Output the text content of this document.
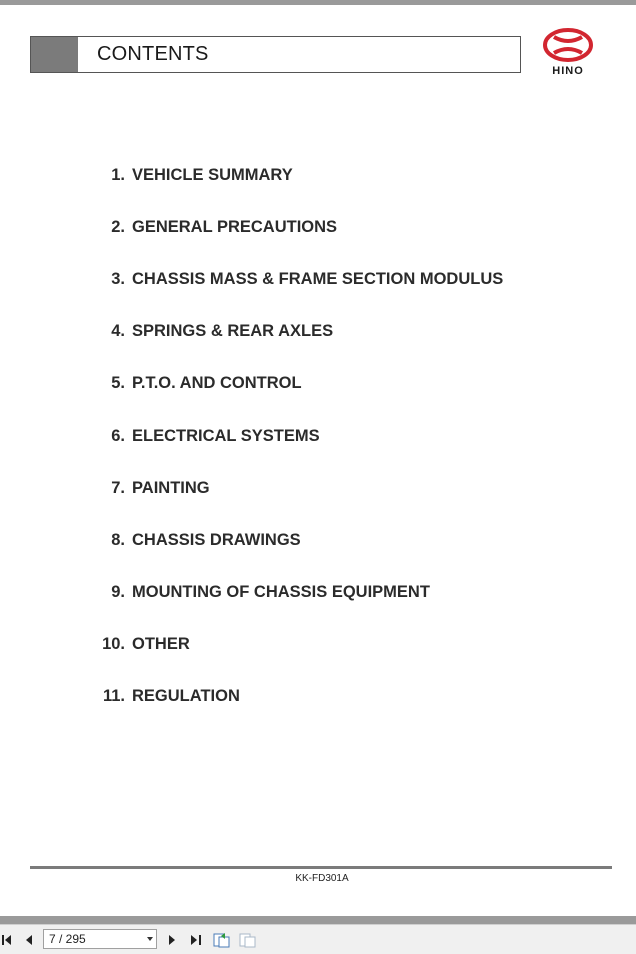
CONTENTS
HINO
1. VEHICLE SUMMARY
2. GENERAL PRECAUTIONS
3. CHASSIS MASS & FRAME SECTION MODULUS
4. SPRINGS & REAR AXLES
5. P.T.O. AND CONTROL
6. ELECTRICAL SYSTEMS
7. PAINTING
8. CHASSIS DRAWINGS
9. MOUNTING OF CHASSIS EQUIPMENT
10. OTHER
11. REGULATION
KK-FD301A
7 / 295
